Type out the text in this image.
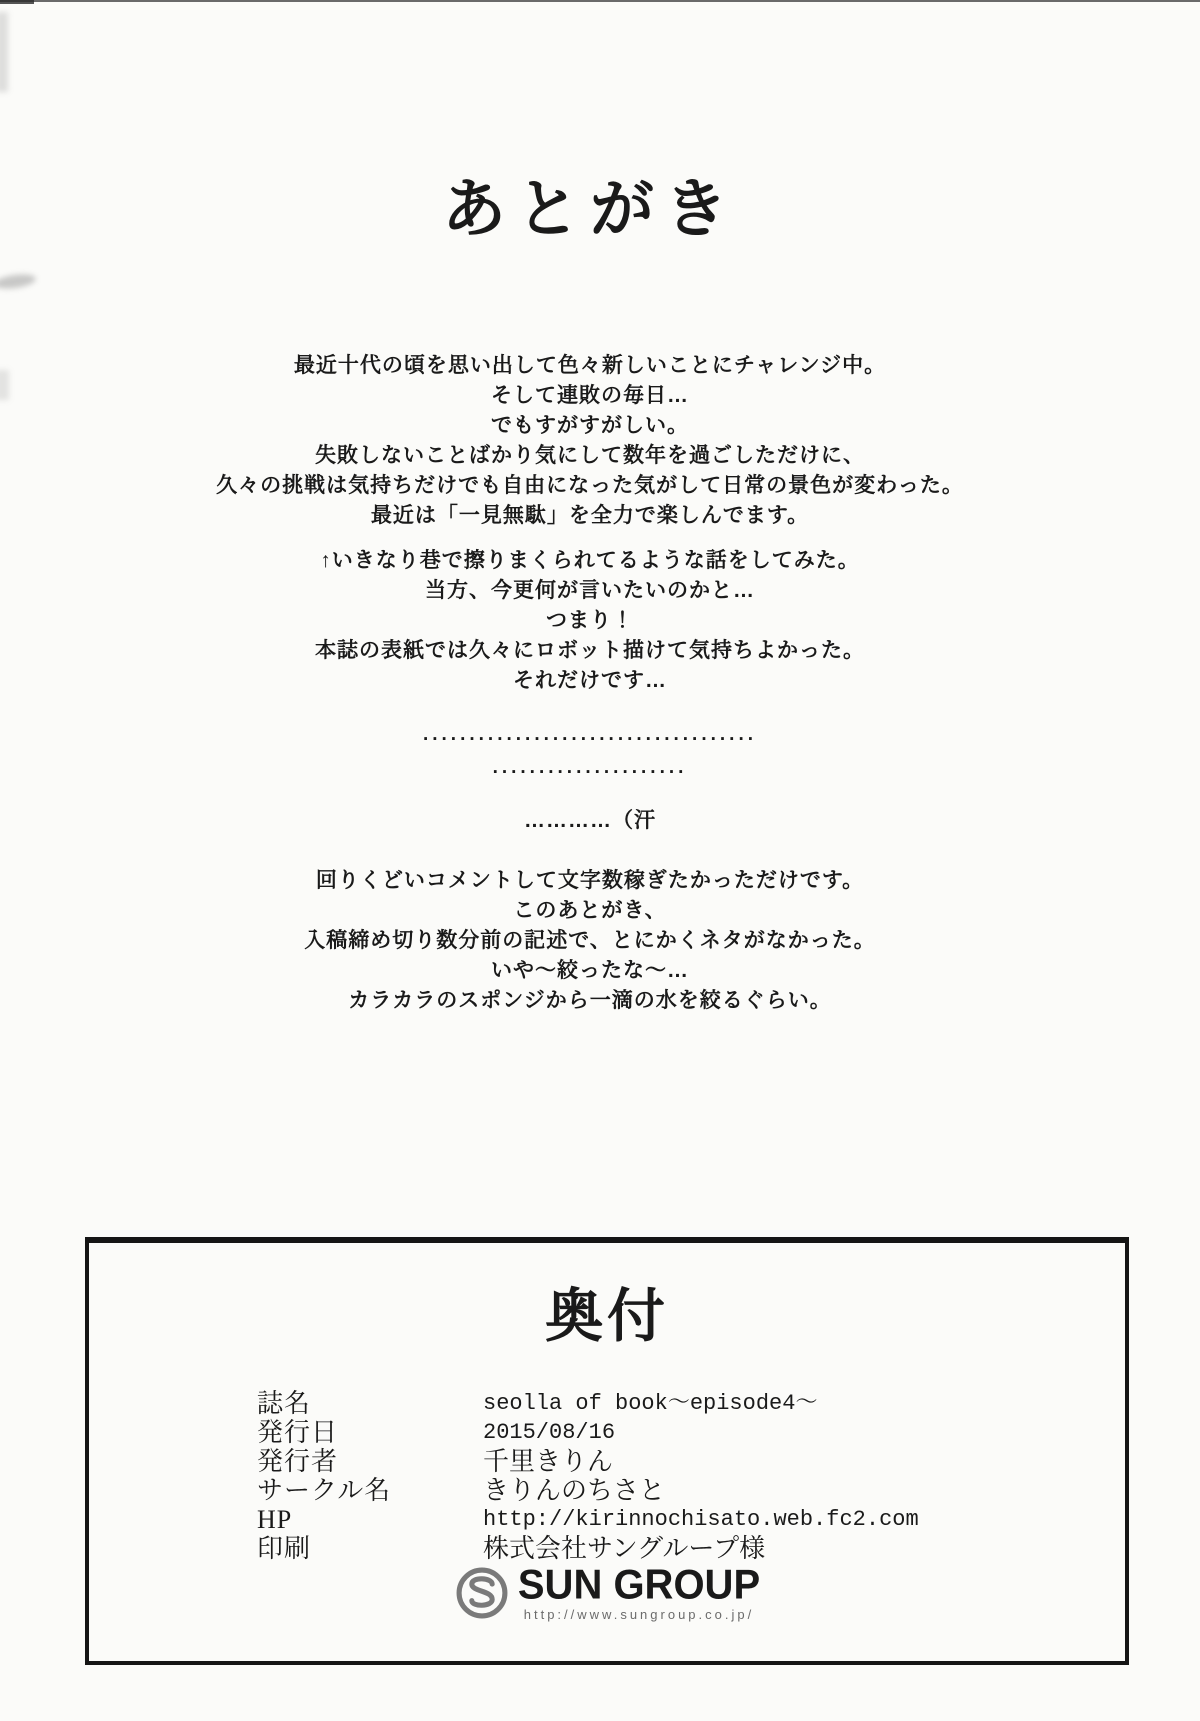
あとがき
最近十代の頃を思い出して色々新しいことにチャレンジ中。
そして連敗の毎日…
でもすがすがしい。
失敗しないことばかり気にして数年を過ごしただけに、
久々の挑戦は気持ちだけでも自由になった気がして日常の景色が変わった。
最近は「一見無駄」を全力で楽しんでます。
↑いきなり巷で擦りまくられてるような話をしてみた。
当方、今更何が言いたいのかと…
つまり！
本誌の表紙では久々にロボット描けて気持ちよかった。
それだけです…
....................................
.....................
…………（汗
回りくどいコメントして文字数稼ぎたかっただけです。
このあとがき、
入稿締め切り数分前の記述で、とにかくネタがなかった。
いや～絞ったな～…
カラカラのスポンジから一滴の水を絞るぐらい。
奥付
誌名	seolla of book～episode4～
発行日	2015/08/16
発行者	千里きりん
サークル名	きりんのちさと
HP	http://kirinnochisato.web.fc2.com
印刷	株式会社サングループ様
SUN GROUP
http://www.sungroup.co.jp/
